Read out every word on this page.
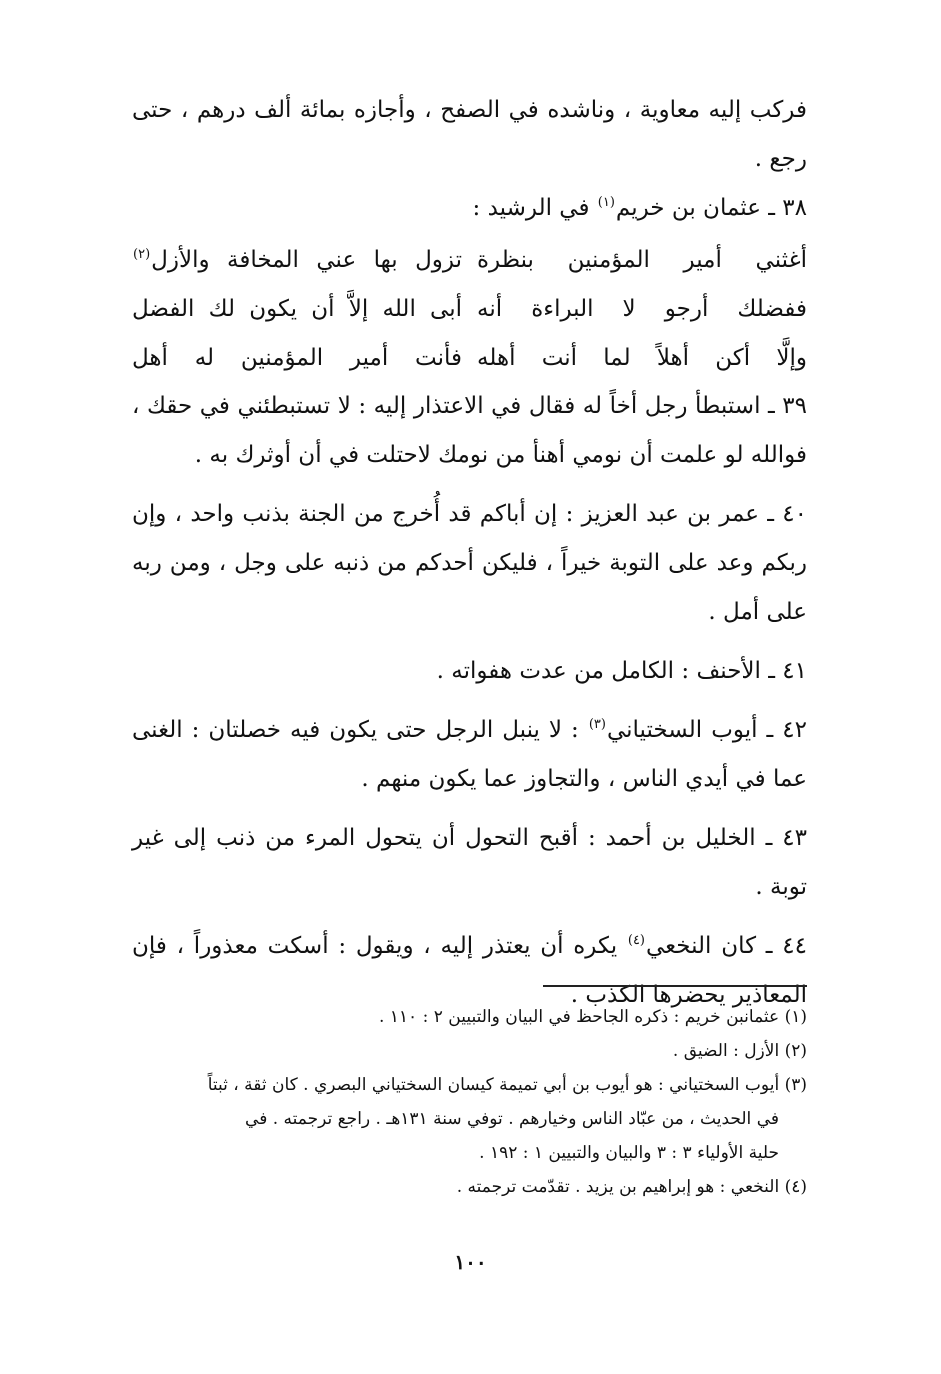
فركب إليه معاوية ، وناشده في الصفح ، وأجازه بمائة ألف درهم ، حتى رجع .

٣٨ ـ عثمان بن خريم$^{(١)}$ في الرشيد :

أغثني أمير المؤمنين بنظرة
تزول بها عني المخافة والأزل$^{(٢)}$
ففضلك أرجو لا البراءة أنه
أبى الله إلاَّ أن يكون لك الفضل
وإلَّا أكن أهلاً لما أنت أهله
فأنت أمير المؤمنين له أهل

٣٩ ـ استبطأ رجل أخاً له فقال في الاعتذار إليه : لا تستبطئني في حقك ، فوالله لو علمت أن نومي أهنأ من نومك لاحتلت في أن أوثرك به .

٤٠ ـ عمر بن عبد العزيز : إن أباكم قد أُخرج من الجنة بذنب واحد ، وإن ربكم وعد على التوبة خيراً ، فليكن أحدكم من ذنبه على وجل ، ومن ربه على أمل .

٤١ ـ الأحنف : الكامل من عدت هفواته .

٤٢ ـ أيوب السختياني$^{(٣)}$ : لا ينبل الرجل حتى يكون فيه خصلتان : الغنى عما في أيدي الناس ، والتجاوز عما يكون منهم .

٤٣ ـ الخليل بن أحمد : أقبح التحول أن يتحول المرء من ذنب إلى غير توبة .

٤٤ ـ كان النخعي$^{(٤)}$ يكره أن يعتذر إليه ، ويقول : أسكت معذوراً ، فإن المعاذير يحضرها الكذب .

(١) عثمانبن خريم : ذكره الجاحظ في البيان والتبيين ٢ : ١١٠ .

(٢) الأزل : الضيق .

(٣) أيوب السختياني : هو أيوب بن أبي تميمة كيسان السختياني البصري . كان ثقة ، ثبتاً

في الحديث ، من عبّاد الناس وخيارهم . توفي سنة ١٣١هـ . راجع ترجمته . في

حلية الأولياء ٣ : ٣ والبيان والتبيين ١ : ١٩٢ .

(٤) النخعي : هو إبراهيم بن يزيد . تقدّمت ترجمته .

١٠٠
